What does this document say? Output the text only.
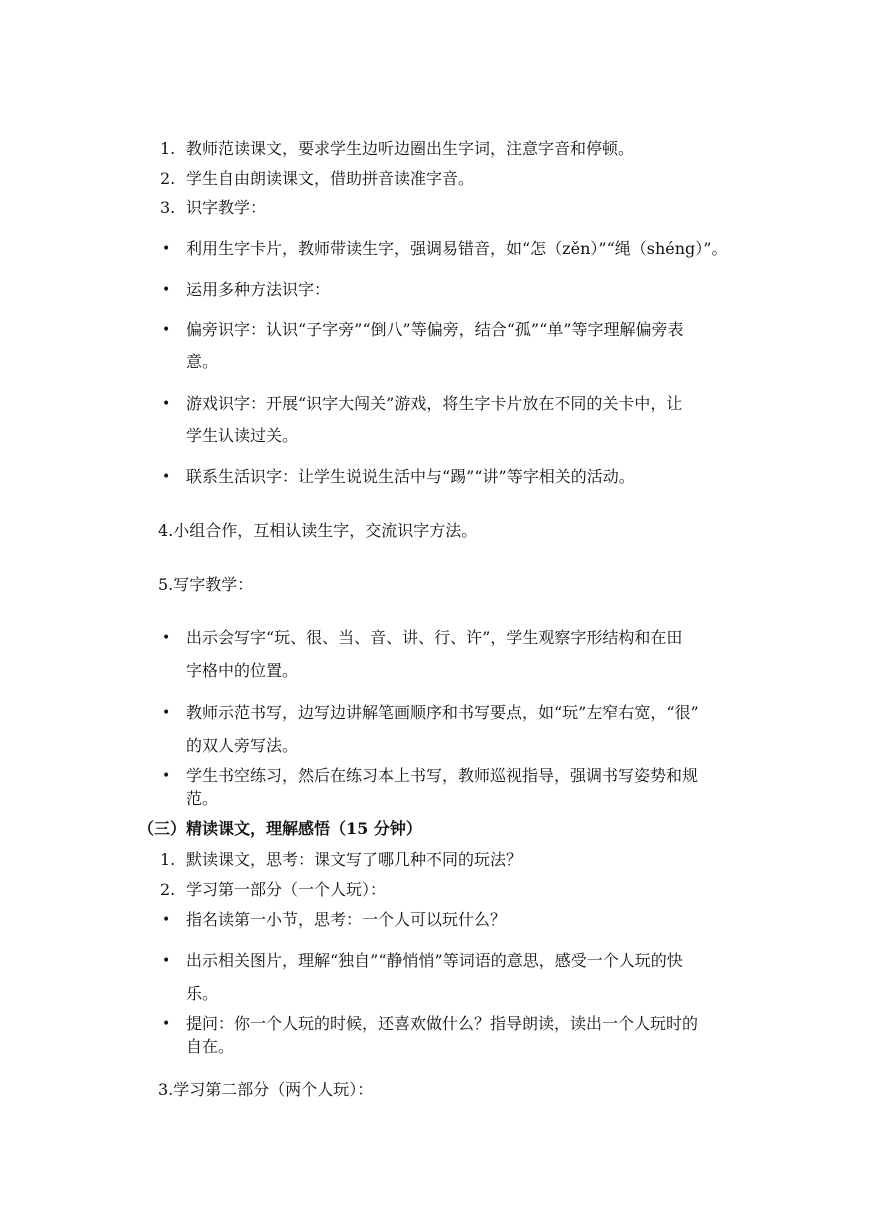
1. 教师范读课文，要求学生边听边圈出生字词，注意字音和停顿。
2. 学生自由朗读课文，借助拼音读准字音。
3. 识字教学：
• 利用生字卡片，教师带读生字，强调易错音，如“怎（zěn）”“绳（shéng）”。
• 运用多种方法识字：
• 偏旁识字：认识“子字旁”“倒八”等偏旁，结合“孤”“单”等字理解偏旁表
意。
• 游戏识字：开展“识字大闯关”游戏，将生字卡片放在不同的关卡中，让
学生认读过关。
• 联系生活识字：让学生说说生活中与“踢”“讲”等字相关的活动。
4.小组合作，互相认读生字，交流识字方法。
5.写字教学：
• 出示会写字“玩、很、当、音、讲、行、许”，学生观察字形结构和在田
字格中的位置。
• 教师示范书写，边写边讲解笔画顺序和书写要点，如“玩”左窄右宽，“很”
的双人旁写法。
• 学生书空练习，然后在练习本上书写，教师巡视指导，强调书写姿势和规
范。
（三）精读课文，理解感悟（15 分钟）
1. 默读课文，思考：课文写了哪几种不同的玩法？
2. 学习第一部分（一个人玩）：
• 指名读第一小节，思考：一个人可以玩什么？
• 出示相关图片，理解“独自”“静悄悄”等词语的意思，感受一个人玩的快
乐。
• 提问：你一个人玩的时候，还喜欢做什么？指导朗读，读出一个人玩时的
自在。
3.学习第二部分（两个人玩）：
